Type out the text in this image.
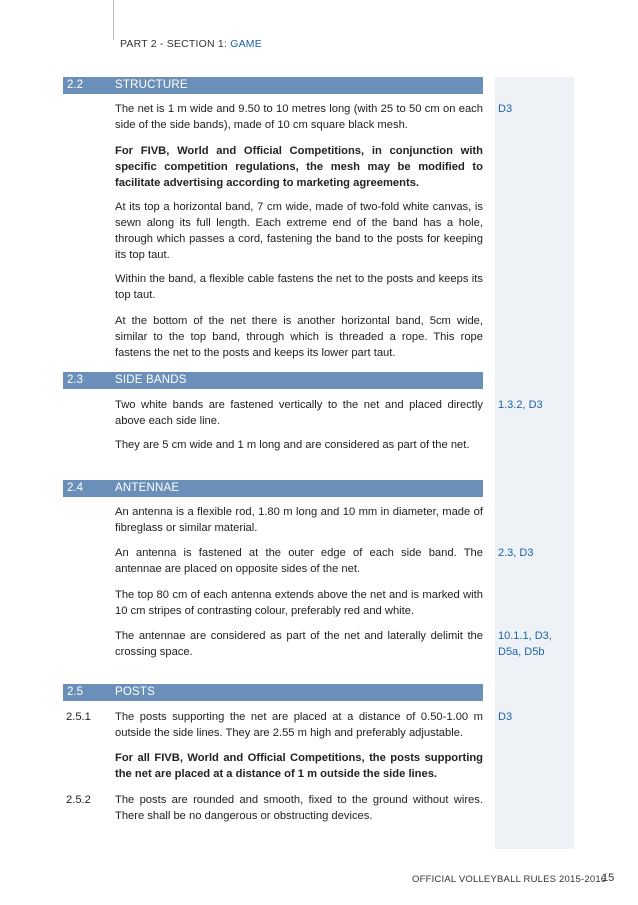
PART 2 - SECTION 1: GAME
2.2	STRUCTURE

The net is 1 m wide and 9.50 to 10 metres long (with 25 to 50 cm on each side of the side bands), made of 10 cm square black mesh.

D3

For FIVB, World and Official Competitions, in conjunction with specific competition regulations, the mesh may be modified to facilitate advertising according to marketing agreements.

At its top a horizontal band, 7 cm wide, made of two-fold white canvas, is sewn along its full length. Each extreme end of the band has a hole, through which passes a cord, fastening the band to the posts for keeping its top taut.

Within the band, a flexible cable fastens the net to the posts and keeps its top taut.

At the bottom of the net there is another horizontal band, 5cm wide, similar to the top band, through which is threaded a rope. This rope fastens the net to the posts and keeps its lower part taut.

2.3	SIDE BANDS

Two white bands are fastened vertically to the net and placed directly above each side line.

1.3.2, D3

They are 5 cm wide and 1 m long and are considered as part of the net.

2.4	ANTENNAE

An antenna is a flexible rod, 1.80 m long and 10 mm in diameter, made of fibreglass or similar material.

An antenna is fastened at the outer edge of each side band. The antennae are placed on opposite sides of the net.

2.3, D3

The top 80 cm of each antenna extends above the net and is marked with 10 cm stripes of contrasting colour, preferably red and white.

The antennae are considered as part of the net and laterally delimit the crossing space.

10.1.1, D3,
D5a, D5b
2.5	POSTS
2.5.1 The posts supporting the net are placed at a distance of 0.50-1.00 m outside the side lines. They are 2.55 m high and preferably adjustable.

D3

For all FIVB, World and Official Competitions, the posts supporting the net are placed at a distance of 1 m outside the side lines.

2.5.2 The posts are rounded and smooth, fixed to the ground without wires. There shall be no dangerous or obstructing devices.

OFFICIAL VOLLEYBALL RULES 2015-2016
15
